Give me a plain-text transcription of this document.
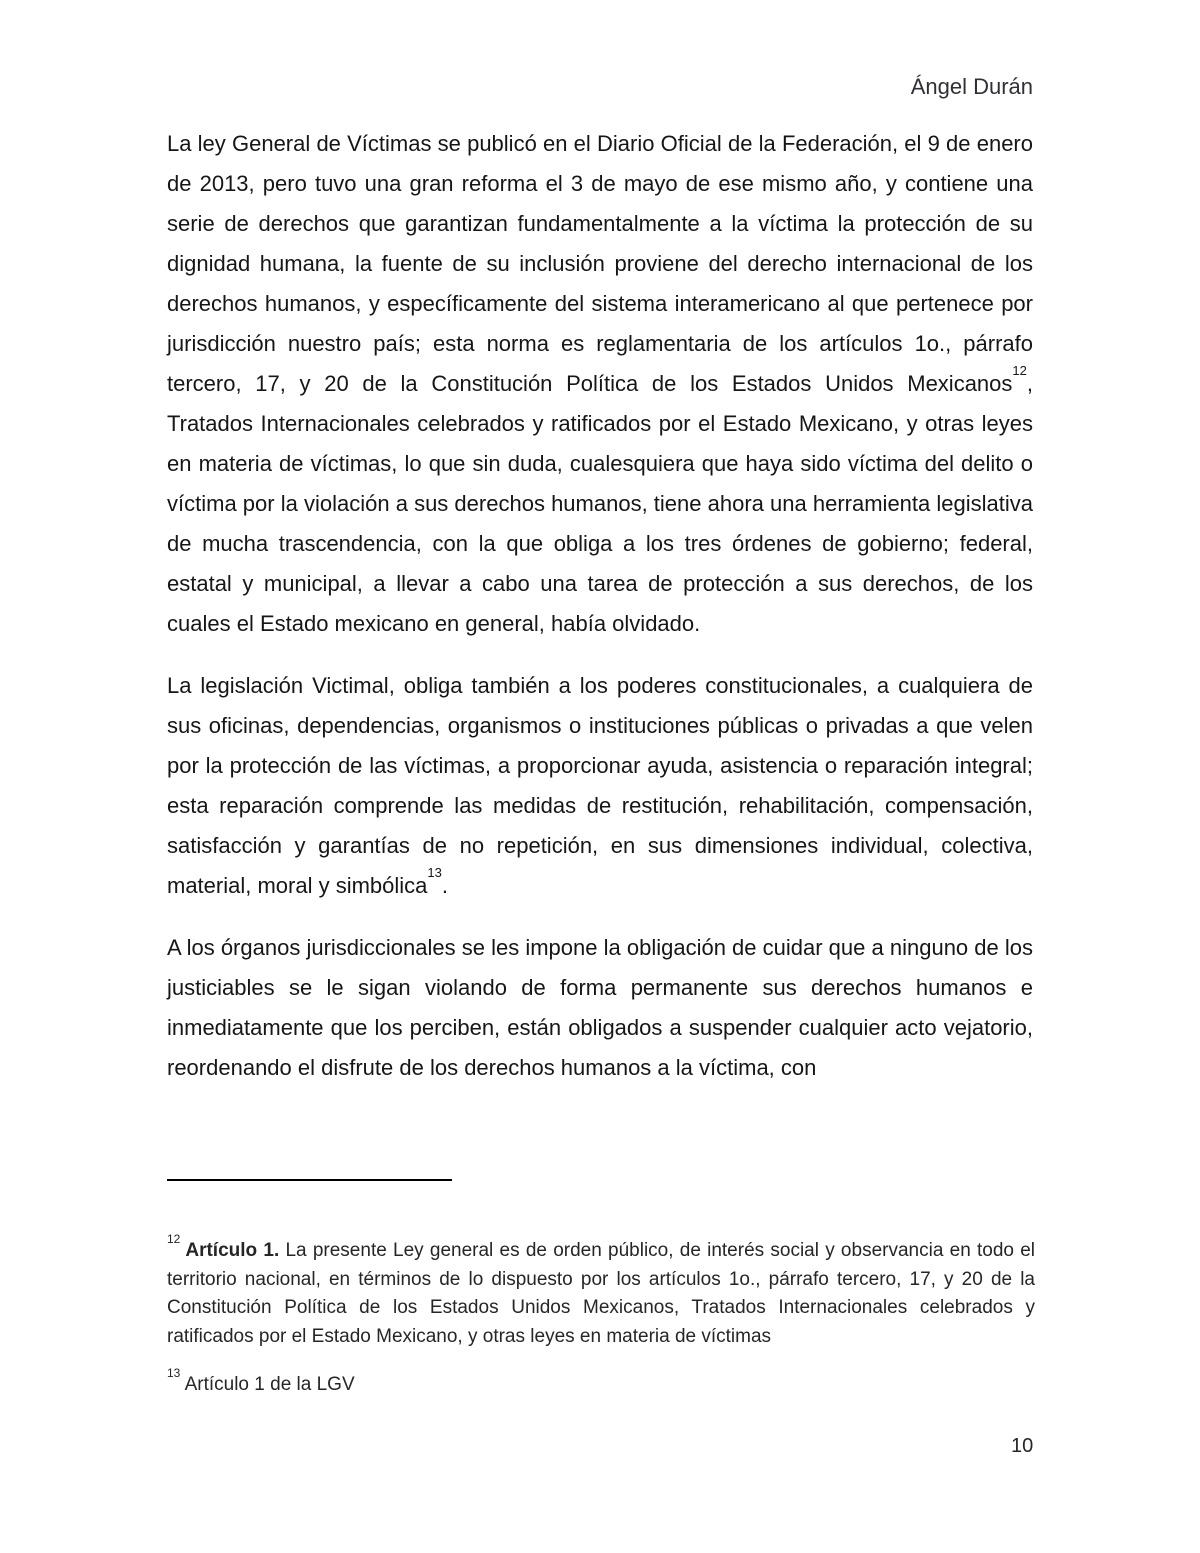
Ángel Durán

La ley General de Víctimas se publicó en el Diario Oficial de la Federación, el 9 de enero de 2013, pero tuvo una gran reforma el 3 de mayo de ese mismo año, y contiene una serie de derechos que garantizan fundamentalmente a la víctima la protección de su dignidad humana, la fuente de su inclusión proviene del derecho internacional de los derechos humanos, y específicamente del sistema interamericano al que pertenece por jurisdicción nuestro país; esta norma es reglamentaria de los artículos 1o., párrafo tercero, 17, y 20 de la Constitución Política de los Estados Unidos Mexicanos$^{12}$, Tratados Internacionales celebrados y ratificados por el Estado Mexicano, y otras leyes en materia de víctimas, lo que sin duda, cualesquiera que haya sido víctima del delito o víctima por la violación a sus derechos humanos, tiene ahora una herramienta legislativa de mucha trascendencia, con la que obliga a los tres órdenes de gobierno; federal, estatal y municipal, a llevar a cabo una tarea de protección a sus derechos, de los cuales el Estado mexicano en general, había olvidado.

La legislación Victimal, obliga también a los poderes constitucionales, a cualquiera de sus oficinas, dependencias, organismos o instituciones públicas o privadas a que velen por la protección de las víctimas, a proporcionar ayuda, asistencia o reparación integral; esta reparación comprende las medidas de restitución, rehabilitación, compensación, satisfacción y garantías de no repetición, en sus dimensiones individual, colectiva, material, moral y simbólica$^{13}$.

A los órganos jurisdiccionales se les impone la obligación de cuidar que a ninguno de los justiciables se le sigan violando de forma permanente sus derechos humanos e inmediatamente que los perciben, están obligados a suspender cualquier acto vejatorio, reordenando el disfrute de los derechos humanos a la víctima, con

$^{12}$Artículo 1. La presente Ley general es de orden público, de interés social y observancia en todo el territorio nacional, en términos de lo dispuesto por los artículos 1o., párrafo tercero, 17, y 20 de la Constitución Política de los Estados Unidos Mexicanos, Tratados Internacionales celebrados y ratificados por el Estado Mexicano, y otras leyes en materia de víctimas
$^{13}$ Artículo 1 de la LGV
10
